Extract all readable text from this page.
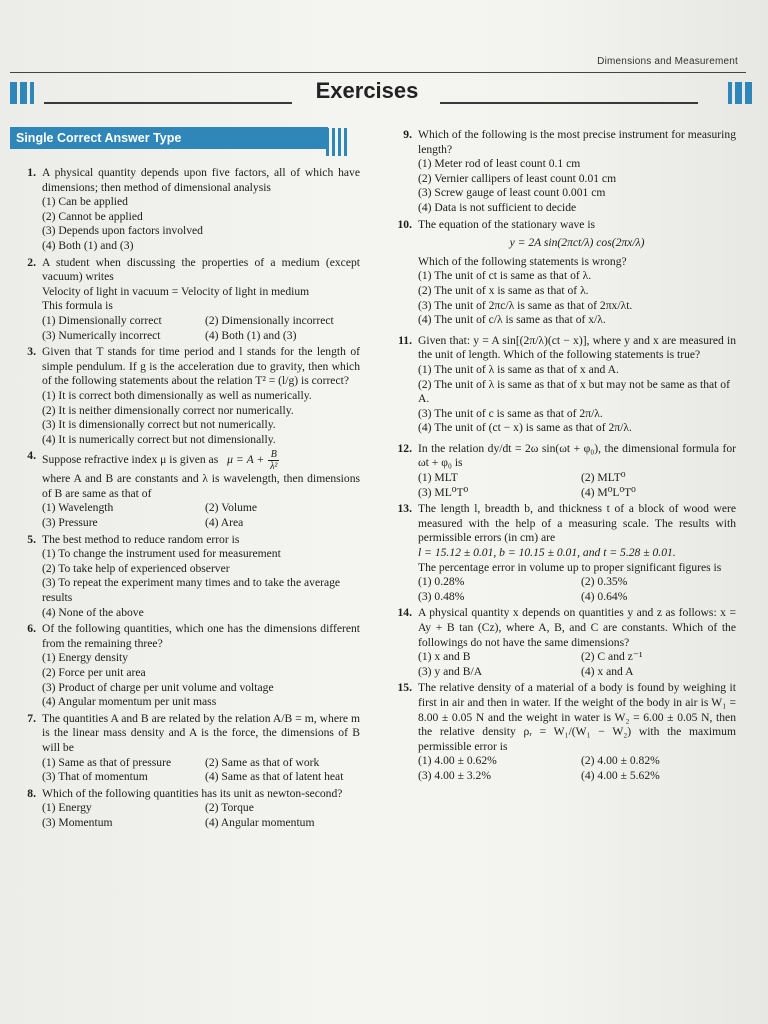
Dimensions and Measurement
Exercises
Single Correct Answer Type
1. A physical quantity depends upon five factors, all of which have dimensions; then method of dimensional analysis
(1) Can be applied
(2) Cannot be applied
(3) Depends upon factors involved
(4) Both (1) and (3)
2. A student when discussing the properties of a medium (except vacuum) writes
Velocity of light in vacuum = Velocity of light in medium
This formula is
(1) Dimensionally correct	(2) Dimensionally incorrect
(3) Numerically incorrect	(4) Both (1) and (3)
3. Given that T stands for time period and l stands for the length of simple pendulum. If g is the acceleration due to gravity, then which of the following statements about the relation T² = (l/g) is correct?
(1) It is correct both dimensionally as well as numerically.
(2) It is neither dimensionally correct nor numerically.
(3) It is dimensionally correct but not numerically.
(4) It is numerically correct but not dimensionally.
4. Suppose refractive index μ is given as $\mu = A + \frac{B}{\text{λ²}}$
where A and B are constants and λ is wavelength, then dimensions of B are same as that of
(1) Wavelength	(2) Volume
(3) Pressure	(4) Area
5. The best method to reduce random error is
(1) To change the instrument used for measurement
(2) To take help of experienced observer
(3) To repeat the experiment many times and to take the average results
(4) None of the above
6. Of the following quantities, which one has the dimensions different from the remaining three?
(1) Energy density
(2) Force per unit area
(3) Product of charge per unit volume and voltage
(4) Angular momentum per unit mass
7. The quantities A and B are related by the relation A/B = m, where m is the linear mass density and A is the force, the dimensions of B will be
(1) Same as that of pressure	(2) Same as that of work
(3) That of momentum	(4) Same as that of latent heat
8. Which of the following quantities has its unit as newton-second?
(1) Energy	(2) Torque
(3) Momentum	(4) Angular momentum
9. Which of the following is the most precise instrument for measuring length?
(1) Meter rod of least count 0.1 cm
(2) Vernier callipers of least count 0.01 cm
(3) Screw gauge of least count 0.001 cm
(4) Data is not sufficient to decide
10. The equation of the stationary wave is
y = 2A sin(2πct/λ) cos(2πx/λ)
Which of the following statements is wrong?
(1) The unit of ct is same as that of λ.
(2) The unit of x is same as that of λ.
(3) The unit of 2πc/λ is same as that of 2πx/λt.
(4) The unit of c/λ is same as that of x/λ.
11. Given that: y = A sin[(2π/λ)(ct − x)], where y and x are measured in the unit of length. Which of the following statements is true?
(1) The unit of λ is same as that of x and A.
(2) The unit of λ is same as that of x but may not be same as that of A.
(3) The unit of c is same as that of 2π/λ.
(4) The unit of (ct − x) is same as that of 2π/λ.
12. In the relation dy/dt = 2ω sin(ωt + φ₀), the dimensional formula for ωt + φ₀ is
(1) MLT	(2) MLT⁰
(3) ML⁰T⁰	(4) M⁰L⁰T⁰
13. The length l, breadth b, and thickness t of a block of wood were measured with the help of a measuring scale. The results with permissible errors (in cm) are
l = 15.12 ± 0.01, b = 10.15 ± 0.01, and t = 5.28 ± 0.01.
The percentage error in volume up to proper significant figures is
(1) 0.28%	(2) 0.35%
(3) 0.48%	(4) 0.64%
14. A physical quantity x depends on quantities y and z as follows: x = Ay + B tan (Cz), where A, B, and C are constants. Which of the followings do not have the same dimensions?
(1) x and B	(2) C and z⁻¹
(3) y and B/A	(4) x and A
15. The relative density of a material of a body is found by weighing it first in air and then in water. If the weight of the body in air is W₁ = 8.00 ± 0.05 N and the weight in water is W₂ = 6.00 ± 0.05 N, then the relative density ρᵣ = W₁/(W₁ − W₂) with the maximum permissible error is
(1) 4.00 ± 0.62%	(2) 4.00 ± 0.82%
(3) 4.00 ± 3.2%	(4) 4.00 ± 5.62%
